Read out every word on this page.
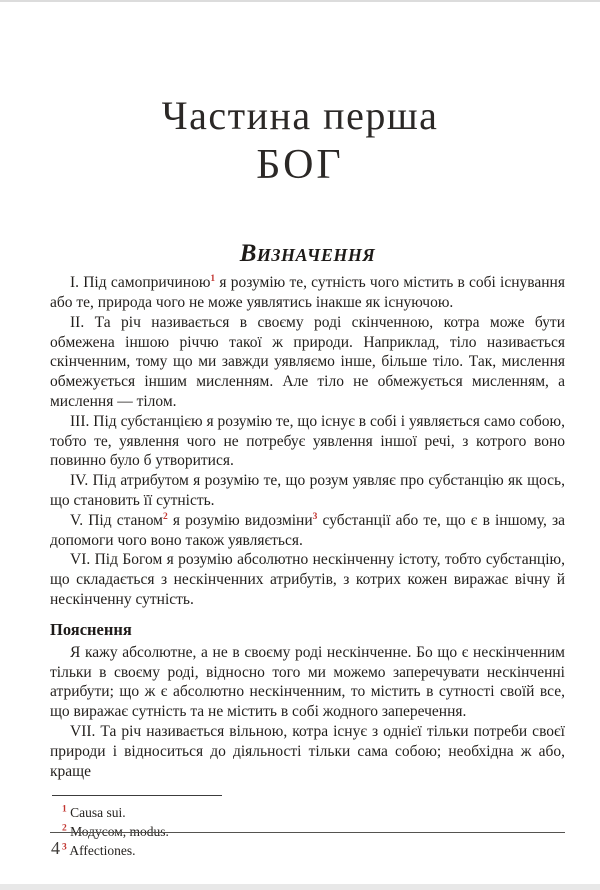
Частина перша
БОГ
Визначення

I. Під самопричиною$^1$ я розумію те, сутність чого містить в собі існування або те, природа чого не може уявлятись інакше як існуючою.

II. Та річ називається в своєму роді скінченною, котра може бути обмежена іншою річчю такої ж природи. Наприклад, тіло називається скінченним, тому що ми завжди уявляємо інше, більше тіло. Так, мислення обмежується іншим мисленням. Але тіло не обмежується мисленням, а мислення — тілом.

III. Під субстанцією я розумію те, що існує в собі і уявляється само собою, тобто те, уявлення чого не потребує уявлення іншої речі, з котрого воно повинно було б утворитися.

IV. Під атрибутом я розумію те, що розум уявляє про субстанцію як щось, що становить її сутність.

V. Під станом$^2$ я розумію видозміни$^3$ субстанції або те, що є в іншому, за допомоги чого воно також уявляється.

VI. Під Богом я розумію абсолютно нескінченну істоту, тобто субстанцію, що складається з нескінченних атрибутів, з котрих кожен виражає вічну й нескінченну сутність.

Пояснення

Я кажу абсолютне, а не в своєму роді нескінченне. Бо що є нескінченним тільки в своєму роді, відносно того ми можемо заперечувати нескінченні атрибути; що ж є абсолютно нескінченним, то містить в сутності своїй все, що виражає сутність та не містить в собі жодного заперечення.

VII. Та річ називається вільною, котра існує з однієї тільки потреби своєї природи і відноситься до діяльності тільки сама собою; необхідна ж або, краще

$^1$ Causa sui.
$^2$ Модусом, modus.
$^3$ Affectiones.
4
